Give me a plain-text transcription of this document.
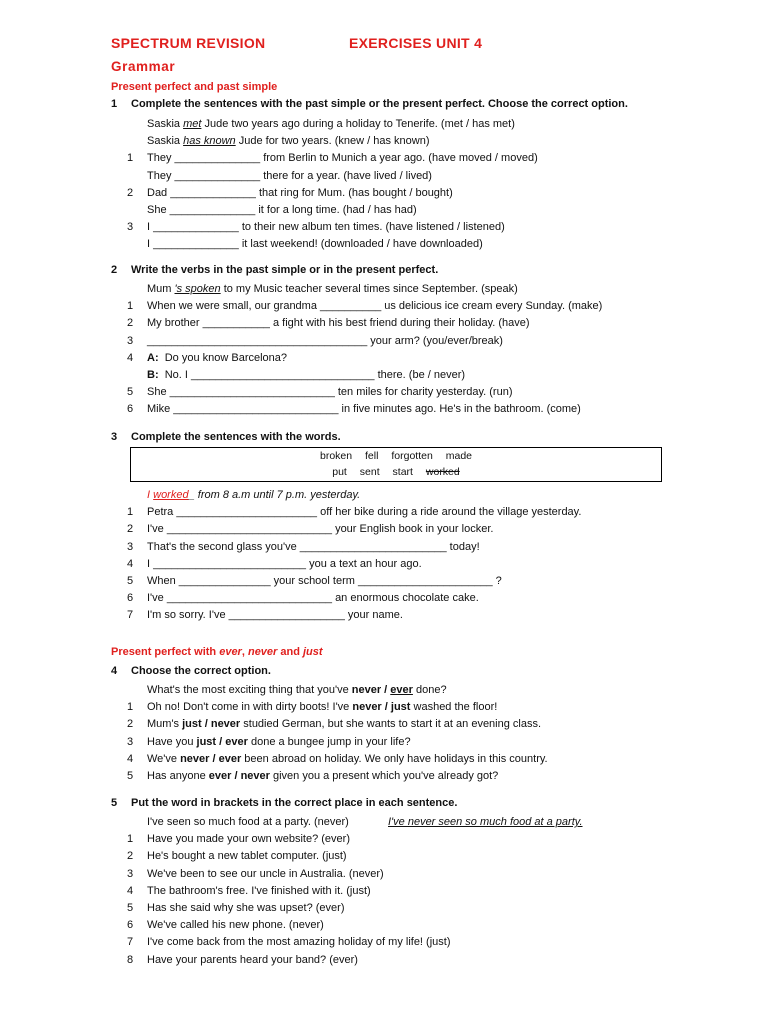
SPECTRUM REVISION	EXERCISES UNIT 4
Grammar
Present perfect and past simple
1 Complete the sentences with the past simple or the present perfect. Choose the correct option.
Saskia met Jude two years ago during a holiday to Tenerife. (met / has met)
Saskia has known Jude for two years. (knew / has known)
1 They ______________ from Berlin to Munich a year ago. (have moved / moved)
They ______________ there for a year. (have lived / lived)
2 Dad ______________ that ring for Mum. (has bought / bought)
She ______________ it for a long time. (had / has had)
3 I ______________ to their new album ten times. (have listened / listened)
I ______________ it last weekend! (downloaded / have downloaded)
2 Write the verbs in the past simple or in the present perfect.
Mum 's spoken to my Music teacher several times since September. (speak)
1 When we were small, our grandma __________ us delicious ice cream every Sunday. (make)
2 My brother ___________ a fight with his best friend during their holiday. (have)
3 ____________________________________ your arm? (you/ever/break)
4 A: Do you know Barcelona?
B: No. I ______________________________ there. (be / never)
5 She ___________________________ ten miles for charity yesterday. (run)
6 Mike ___________________________ in five minutes ago. He's in the bathroom. (come)
3 Complete the sentences with the words.
broken fell forgotten made
put sent start worked
I worked_ from 8 a.m until 7 p.m. yesterday.
1 Petra _______________________ off her bike during a ride around the village yesterday.
2 I've ___________________________ your English book in your locker.
3 That's the second glass you've ________________________ today!
4 I _________________________ you a text an hour ago.
5 When _______________ your school term ______________________ ?
6 I've ___________________________ an enormous chocolate cake.
7 I'm so sorry. I've ___________________ your name.
Present perfect with ever, never and just
4 Choose the correct option.
What's the most exciting thing that you've never / ever done?
1 Oh no! Don't come in with dirty boots! I've never / just washed the floor!
2 Mum's just / never studied German, but she wants to start it at an evening class.
3 Have you just / ever done a bungee jump in your life?
4 We've never / ever been abroad on holiday. We only have holidays in this country.
5 Has anyone ever / never given you a present which you've already got?
5 Put the word in brackets in the correct place in each sentence.
I've seen so much food at a party. (never)	I've never seen so much food at a party.
1 Have you made your own website? (ever)
2 He's bought a new tablet computer. (just)
3 We've been to see our uncle in Australia. (never)
4 The bathroom's free. I've finished with it. (just)
5 Has she said why she was upset? (ever)
6 We've called his new phone. (never)
7 I've come back from the most amazing holiday of my life! (just)
8 Have your parents heard your band? (ever)
